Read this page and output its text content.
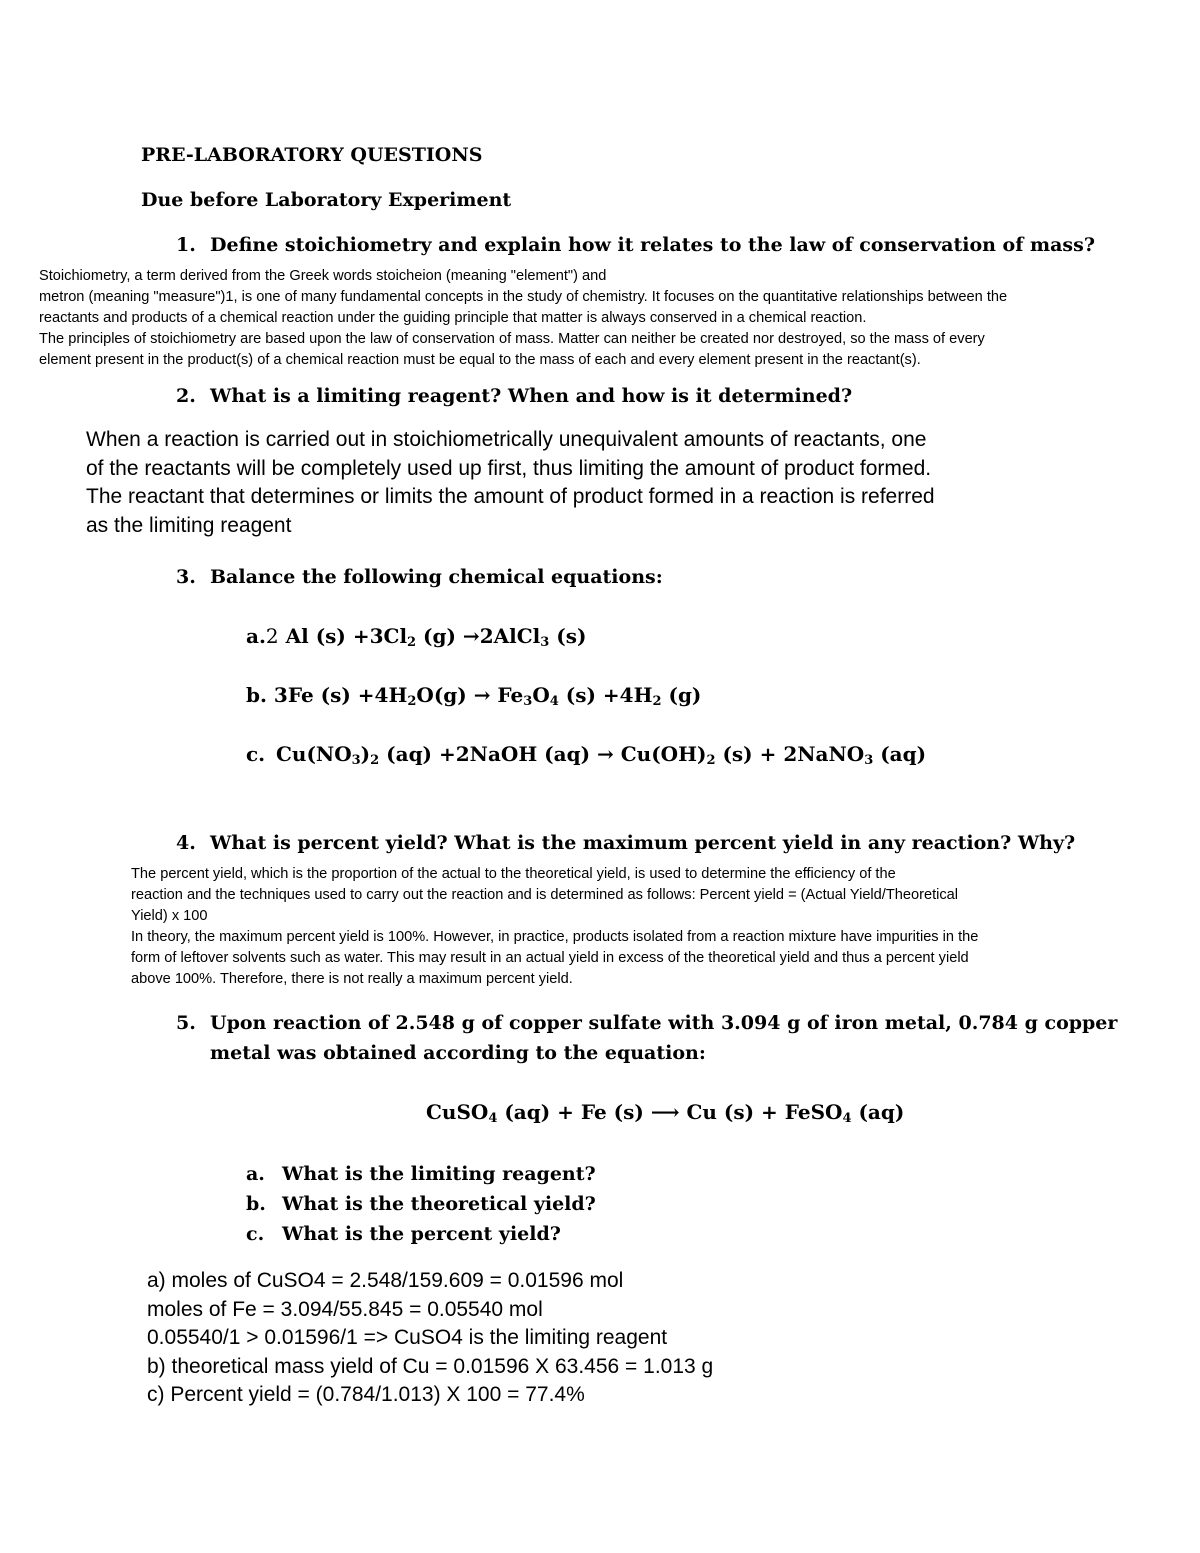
PRE-LABORATORY QUESTIONS
Due before Laboratory Experiment
1. Define stoichiometry and explain how it relates to the law of conservation of mass?
Stoichiometry, a term derived from the Greek words stoicheion (meaning "element") and
metron (meaning "measure")1, is one of many fundamental concepts in the study of chemistry. It focuses on the quantitative relationships between the
reactants and products of a chemical reaction under the guiding principle that matter is always conserved in a chemical reaction.
The principles of stoichiometry are based upon the law of conservation of mass. Matter can neither be created nor destroyed, so the mass of every
element present in the product(s) of a chemical reaction must be equal to the mass of each and every element present in the reactant(s).
2. What is a limiting reagent? When and how is it determined?
When a reaction is carried out in stoichiometrically unequivalent amounts of reactants, one
of the reactants will be completely used up first, thus limiting the amount of product formed.
The reactant that determines or limits the amount of product formed in a reaction is referred
as the limiting reagent
3. Balance the following chemical equations:
a.2 Al $(s) +3Cl_2$ (g) →2AlCl$_3$ (s)
b. 3Fe $(s) +4H_2O(g) \to Fe_3O_4$ $(s) +4H_2$ (g)
c. $Cu(NO_3)_2$ (aq) +2NaOH $(aq) \to Cu(OH)_2$ (s) + 2NaNO$_3$ (aq)
4. What is percent yield? What is the maximum percent yield in any reaction? Why?
The percent yield, which is the proportion of the actual to the theoretical yield, is used to determine the efficiency of the
reaction and the techniques used to carry out the reaction and is determined as follows: Percent yield = (Actual Yield/Theoretical
Yield) x 100
In theory, the maximum percent yield is 100%. However, in practice, products isolated from a reaction mixture have impurities in the
form of leftover solvents such as water. This may result in an actual yield in excess of the theoretical yield and thus a percent yield
above 100%. Therefore, there is not really a maximum percent yield.
5. Upon reaction of 2.548 g of copper sulfate with 3.094 g of iron metal, 0.784 g copper
metal was obtained according to the equation:
CuSO$_4$ (aq) + Fe (s) ⟶ Cu (s) + FeSO$_4$ (aq)
a. What is the limiting reagent?
b. What is the theoretical yield?
c. What is the percent yield?
a) moles of CuSO4 = 2.548/159.609 = 0.01596 mol
moles of Fe = 3.094/55.845 = 0.05540 mol
0.05540/1 > 0.01596/1 => CuSO4 is the limiting reagent
b) theoretical mass yield of Cu = 0.01596 X 63.456 = 1.013 g
c) Percent yield = (0.784/1.013) X 100 = 77.4%
